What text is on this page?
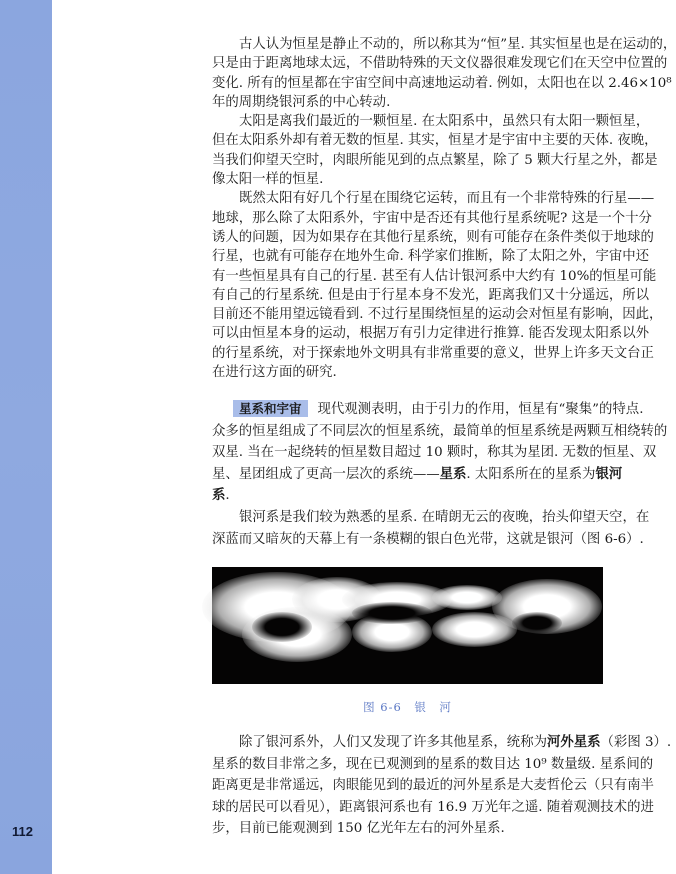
112
古人认为恒星是静止不动的，所以称其为“恒”星. 其实恒星也是在运动的，
只是由于距离地球太远，不借助特殊的天文仪器很难发现它们在天空中位置的
变化. 所有的恒星都在宇宙空间中高速地运动着. 例如，太阳也在以 2.46×10⁸
年的周期绕银河系的中心转动.
太阳是离我们最近的一颗恒星. 在太阳系中，虽然只有太阳一颗恒星，
但在太阳系外却有着无数的恒星. 其实，恒星才是宇宙中主要的天体. 夜晚，
当我们仰望天空时，肉眼所能见到的点点繁星，除了 5 颗大行星之外，都是
像太阳一样的恒星.
既然太阳有好几个行星在围绕它运转，而且有一个非常特殊的行星——
地球，那么除了太阳系外，宇宙中是否还有其他行星系统呢? 这是一个十分
诱人的问题，因为如果存在其他行星系统，则有可能存在条件类似于地球的
行星，也就有可能存在地外生命. 科学家们推断，除了太阳之外，宇宙中还
有一些恒星具有自己的行星. 甚至有人估计银河系中大约有 10%的恒星可能
有自己的行星系统. 但是由于行星本身不发光，距离我们又十分遥远，所以
目前还不能用望远镜看到. 不过行星围绕恒星的运动会对恒星有影响，因此，
可以由恒星本身的运动，根据万有引力定律进行推算. 能否发现太阳系以外
的行星系统，对于探索地外文明具有非常重要的意义，世界上许多天文台正
在进行这方面的研究.
星系和宇宙 现代观测表明，由于引力的作用，恒星有“聚集”的特点.
众多的恒星组成了不同层次的恒星系统，最简单的恒星系统是两颗互相绕转的
双星. 当在一起绕转的恒星数目超过 10 颗时，称其为星团. 无数的恒星、双
星、星团组成了更高一层次的系统——星系. 太阳系所在的星系为银河
系.
银河系是我们较为熟悉的星系. 在晴朗无云的夜晚，抬头仰望天空，在
深蓝而又暗灰的天幕上有一条模糊的银白色光带，这就是银河（图 6-6）.
图 6-6　银　河
除了银河系外，人们又发现了许多其他星系，统称为河外星系（彩图 3）.
星系的数目非常之多，现在已观测到的星系的数目达 10⁹ 数量级. 星系间的
距离更是非常遥远，肉眼能见到的最近的河外星系是大麦哲伦云（只有南半
球的居民可以看见），距离银河系也有 16.9 万光年之遥. 随着观测技术的进
步，目前已能观测到 150 亿光年左右的河外星系.
